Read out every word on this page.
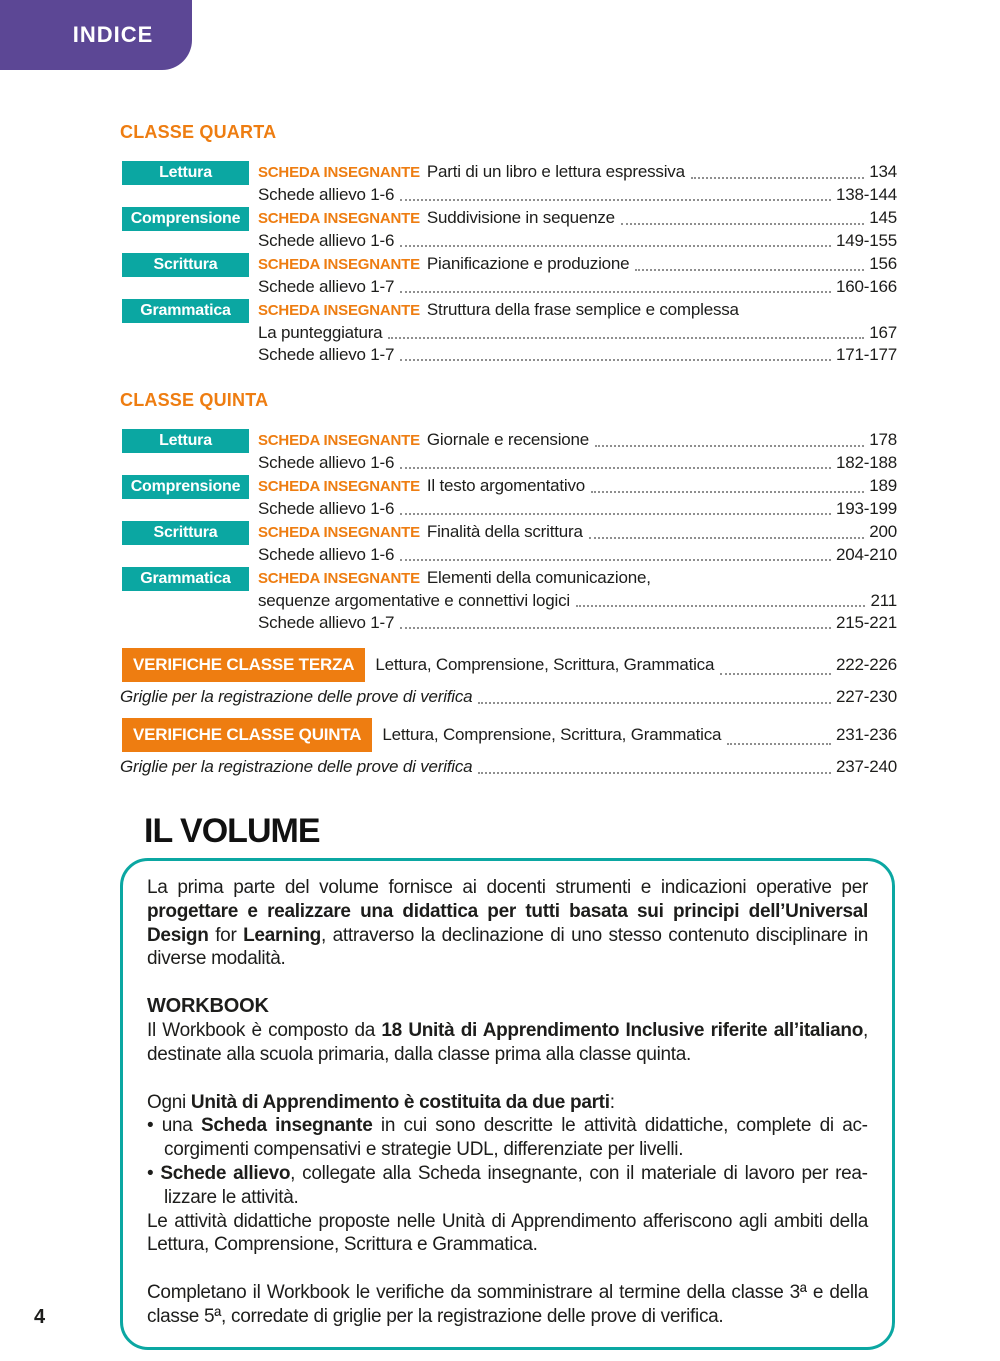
INDICE
CLASSE QUARTA
Lettura	SCHEDA INSEGNANTE Parti di un libro e lettura espressiva	134
Schede allievo 1-6	138-144
Comprensione	SCHEDA INSEGNANTE Suddivisione in sequenze	145
Schede allievo 1-6	149-155
Scrittura	SCHEDA INSEGNANTE Pianificazione e produzione	156
Schede allievo 1-7	160-166
Grammatica	SCHEDA INSEGNANTE Struttura della frase semplice e complessa
La punteggiatura	167
Schede allievo 1-7	171-177
CLASSE QUINTA
Lettura	SCHEDA INSEGNANTE Giornale e recensione	178
Schede allievo 1-6	182-188
Comprensione	SCHEDA INSEGNANTE Il testo argomentativo	189
Schede allievo 1-6	193-199
Scrittura	SCHEDA INSEGNANTE Finalità della scrittura	200
Schede allievo 1-6	204-210
Grammatica	SCHEDA INSEGNANTE Elementi della comunicazione,
sequenze argomentative e connettivi logici	211
Schede allievo 1-7	215-221
VERIFICHE CLASSE TERZA	Lettura, Comprensione, Scrittura, Grammatica	222-226
Griglie per la registrazione delle prove di verifica	227-230
VERIFICHE CLASSE QUINTA	Lettura, Comprensione, Scrittura, Grammatica	231-236
Griglie per la registrazione delle prove di verifica	237-240
IL VOLUME

La prima parte del volume fornisce ai docenti strumenti e indicazioni operative per progettare e realizzare una didattica per tutti basata sui principi dell’Universal Design for Learning, attraverso la declinazione di uno stesso contenuto disciplinare in diverse modalità.

WORKBOOK

Il Workbook è composto da 18 Unità di Apprendimento Inclusive riferite all’italiano, destinate alla scuola primaria, dalla classe prima alla classe quinta.

Ogni Unità di Apprendimento è costituita da due parti:

• una Scheda insegnante in cui sono descritte le attività didattiche, complete di accorgimenti compensativi e strategie UDL, differenziate per livelli.

• Schede allievo, collegate alla Scheda insegnante, con il materiale di lavoro per realizzare le attività.

Le attività didattiche proposte nelle Unità di Apprendimento afferiscono agli ambiti della Lettura, Comprensione, Scrittura e Grammatica.

Completano il Workbook le verifiche da somministrare al termine della classe 3ª e della classe 5ª, corredate di griglie per la registrazione delle prove di verifica.

4
